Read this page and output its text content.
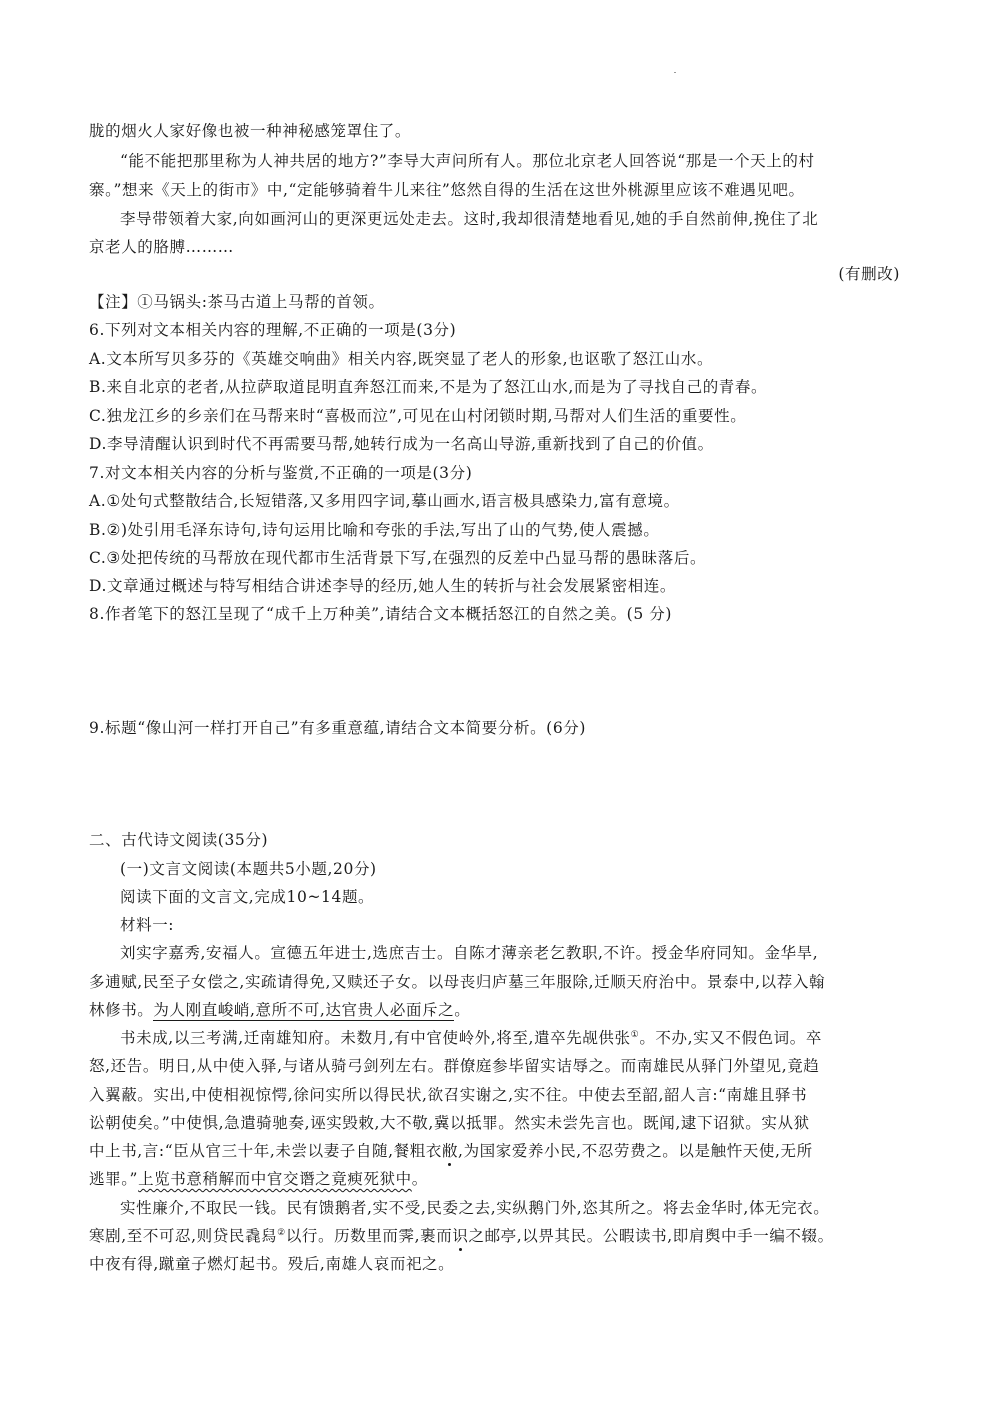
胧的烟火人家好像也被一种神秘感笼罩住了。
“能不能把那里称为人神共居的地方?”李导大声问所有人。那位北京老人回答说“那是一个天上的村
寨。”想来《天上的街市》中,“定能够骑着牛儿来往”悠然自得的生活在这世外桃源里应该不难遇见吧。
李导带领着大家,向如画河山的更深更远处走去。这时,我却很清楚地看见,她的手自然前伸,挽住了北
京老人的胳膊………
(有删改)
【注】①马锅头:茶马古道上马帮的首领。
6.下列对文本相关内容的理解,不正确的一项是(3分)
A.文本所写贝多芬的《英雄交响曲》相关内容,既突显了老人的形象,也讴歌了怒江山水。
B.来自北京的老者,从拉萨取道昆明直奔怒江而来,不是为了怒江山水,而是为了寻找自己的青春。
C.独龙江乡的乡亲们在马帮来时“喜极而泣”,可见在山村闭锁时期,马帮对人们生活的重要性。
D.李导清醒认识到时代不再需要马帮,她转行成为一名高山导游,重新找到了自己的价值。
7.对文本相关内容的分析与鉴赏,不正确的一项是(3分)
A.①处句式整散结合,长短错落,又多用四字词,摹山画水,语言极具感染力,富有意境。
B.②)处引用毛泽东诗句,诗句运用比喻和夸张的手法,写出了山的气势,使人震撼。
C.③处把传统的马帮放在现代都市生活背景下写,在强烈的反差中凸显马帮的愚昧落后。
D.文章通过概述与特写相结合讲述李导的经历,她人生的转折与社会发展紧密相连。
8.作者笔下的怒江呈现了“成千上万种美”,请结合文本概括怒江的自然之美。(5 分)
9.标题“像山河一样打开自己”有多重意蕴,请结合文本简要分析。(6分)
二、古代诗文阅读(35分)
(一)文言文阅读(本题共5小题,20分)
阅读下面的文言文,完成10~14题。
材料一:
刘实字嘉秀,安福人。宣德五年进士,选庶吉士。自陈才薄亲老乞教职,不许。授金华府同知。金华旱,
多逋赋,民至子女偿之,实疏请得免,又赎还子女。以母丧归庐墓三年服除,迁顺天府治中。景泰中,以荐入翰
林修书。为人刚直峻峭,意所不可,达官贵人必面斥之。
书未成,以三考满,迁南雄知府。未数月,有中官使岭外,将至,遣卒先觇供张①。不办,实又不假色词。卒
怒,还告。明日,从中使入驿,与诸从骑弓剑列左右。群僚庭参毕留实诘辱之。而南雄民从驿门外望见,竟趋
入翼蔽。实出,中使相视惊愕,徐问实所以得民状,欲召实谢之,实不往。中使去至韶,韶人言:“南雄且驿书
讼朝使矣。”中使惧,急遣骑驰奏,诬实毁敕,大不敬,冀以抵罪。然实未尝先言也。既闻,逮下诏狱。实从狱
中上书,言:“臣从官三十年,未尝以妻子自随,餐粗衣敝,为国家爱养小民,不忍劳费之。以是触忤天使,无所
逃罪。”上览书意稍解而中官交谮之竟瘐死狱中。
实性廉介,不取民一钱。民有馈鹅者,实不受,民委之去,实纵鹅门外,恣其所之。将去金华时,体无完衣。
寒剧,至不可忍,则贷民毳舄②以行。历数里而霁,裹而识之邮亭,以畀其民。公暇读书,即肩舆中手一编不辍。
中夜有得,蹴童子燃灯起书。殁后,南雄人哀而祀之。
